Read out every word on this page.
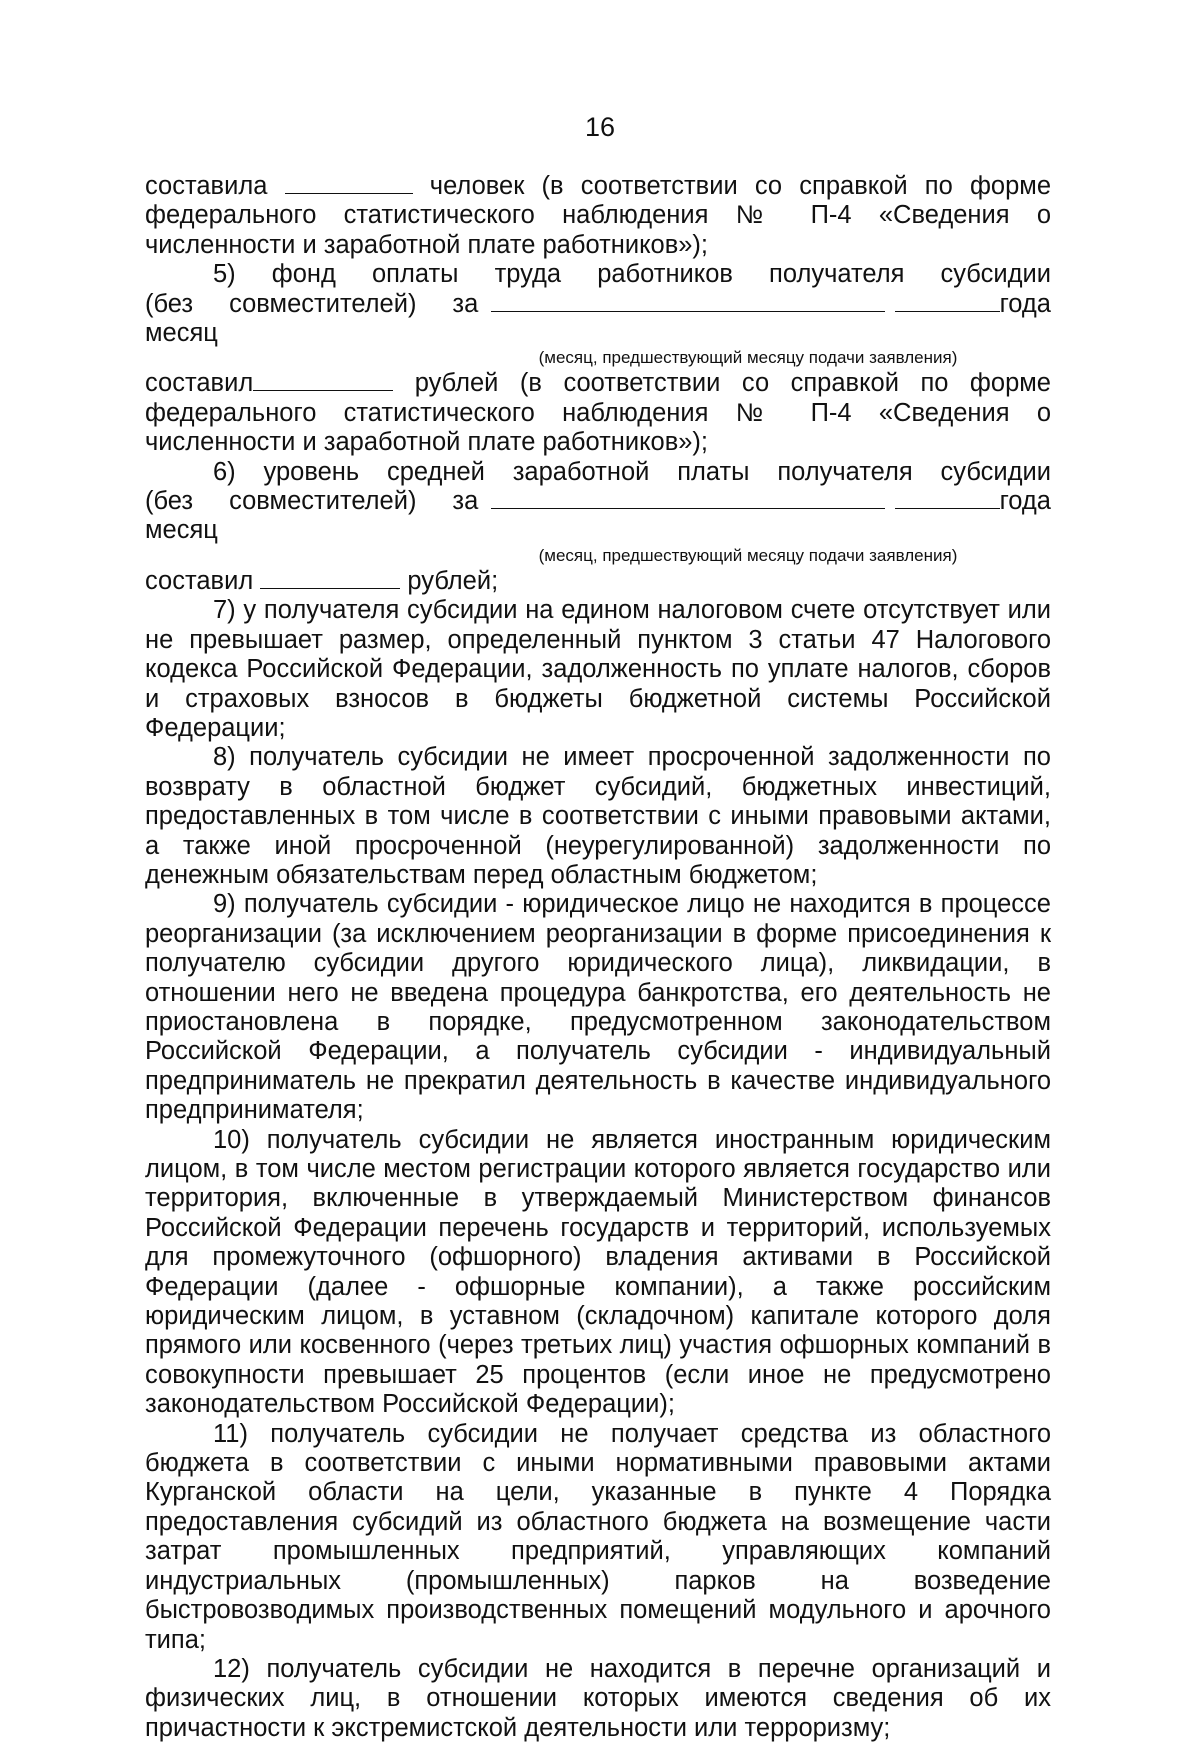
16

составила	человек (в соответствии со справкой по форме федерального статистического наблюдения № П-4 «Сведения о численности и заработной плате работников»);

5) фонд оплаты труда работников получателя субсидии

(без совместителей) за месяц
года
(месяц, предшествующий месяцу подачи заявления)

составил	рублей (в соответствии со справкой по форме федерального статистического наблюдения № П-4 «Сведения о численности и заработной плате работников»);

6) уровень средней заработной платы получателя субсидии

(без совместителей) за месяц
года
(месяц, предшествующий месяцу подачи заявления)

составил	рублей;

7) у получателя субсидии на едином налоговом счете отсутствует или не превышает размер, определенный пунктом 3 статьи 47 Налогового кодекса Российской Федерации, задолженность по уплате налогов, сборов и страховых взносов в бюджеты бюджетной системы Российской Федерации;

8) получатель субсидии не имеет просроченной задолженности по возврату в областной бюджет субсидий, бюджетных инвестиций, предоставленных в том числе в соответствии с иными правовыми актами, а также иной просроченной (неурегулированной) задолженности по денежным обязательствам перед областным бюджетом;

9) получатель субсидии - юридическое лицо не находится в процессе реорганизации (за исключением реорганизации в форме присоединения к получателю субсидии другого юридического лица), ликвидации, в отношении него не введена процедура банкротства, его деятельность не приостановлена в порядке, предусмотренном законодательством Российской Федерации, а получатель субсидии - индивидуальный предприниматель не прекратил деятельность в качестве индивидуального предпринимателя;

10) получатель субсидии не является иностранным юридическим лицом, в том числе местом регистрации которого является государство или территория, включенные в утверждаемый Министерством финансов Российской Федерации перечень государств и территорий, используемых для промежуточного (офшорного) владения активами в Российской Федерации (далее - офшорные компании), а также российским юридическим лицом, в уставном (складочном) капитале которого доля прямого или косвенного (через третьих лиц) участия офшорных компаний в совокупности превышает 25 процентов (если иное не предусмотрено законодательством Российской Федерации);

11) получатель субсидии не получает средства из областного бюджета в соответствии с иными нормативными правовыми актами Курганской области на цели, указанные в пункте 4 Порядка предоставления субсидий из областного бюджета на возмещение части затрат промышленных предприятий, управляющих компаний индустриальных (промышленных) парков на возведение быстровозводимых производственных помещений модульного и арочного типа;

12) получатель субсидии не находится в перечне организаций и физических лиц, в отношении которых имеются сведения об их причастности к экстремистской деятельности или терроризму;
